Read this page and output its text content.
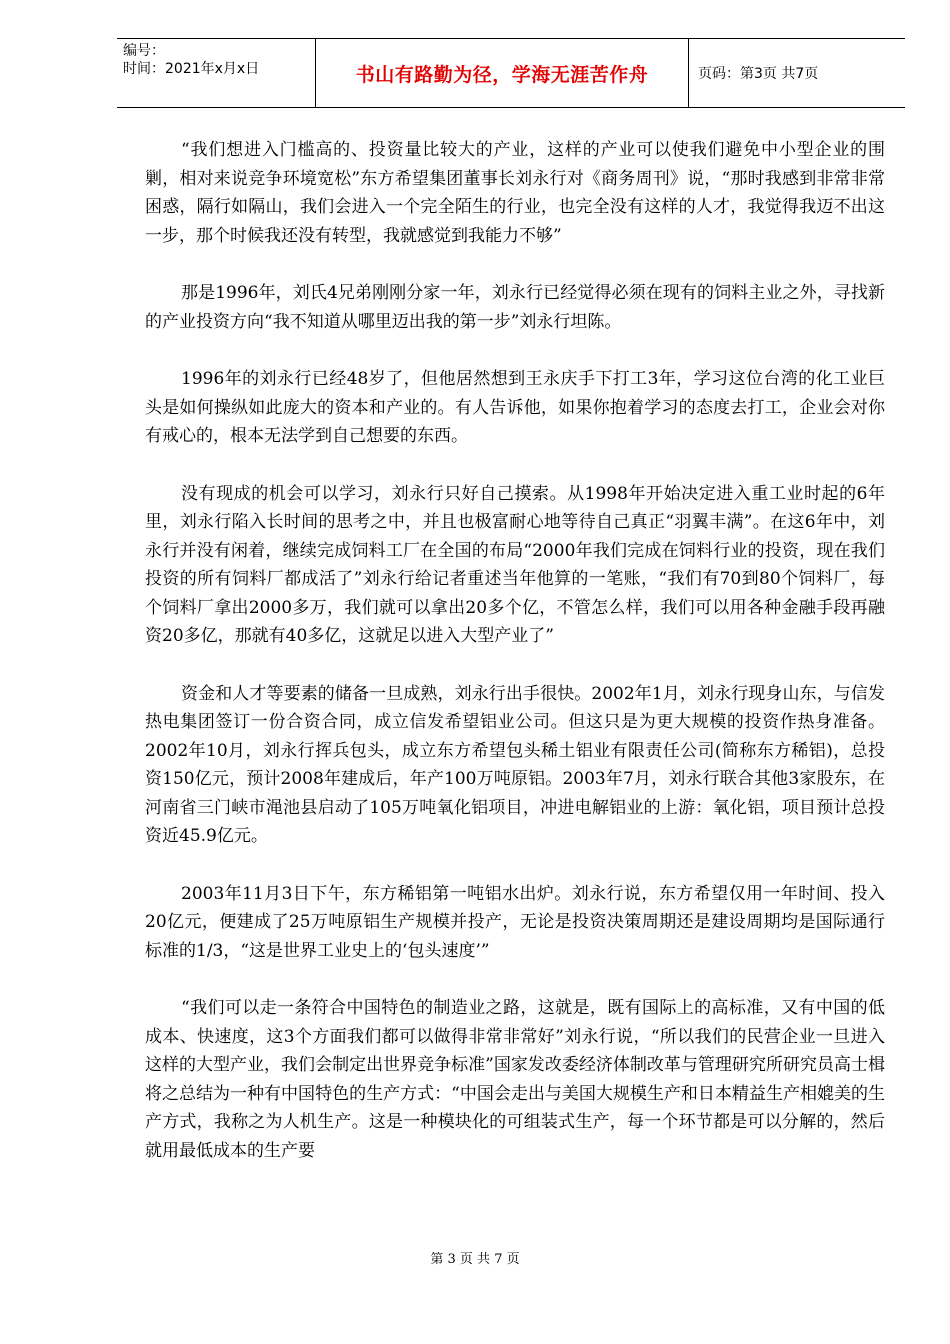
编号：
时间：2021年x月x日	书山有路勤为径，学海无涯苦作舟	页码：第3页 共7页

“我们想进入门槛高的、投资量比较大的产业，这样的产业可以使我们避免中小型企业的围剿，相对来说竞争环境宽松”东方希望集团董事长刘永行对《商务周刊》说，“那时我感到非常非常困惑，隔行如隔山，我们会进入一个完全陌生的行业，也完全没有这样的人才，我觉得我迈不出这一步，那个时候我还没有转型，我就感觉到我能力不够”

那是1996年，刘氏4兄弟刚刚分家一年，刘永行已经觉得必须在现有的饲料主业之外，寻找新的产业投资方向“我不知道从哪里迈出我的第一步”刘永行坦陈。

1996年的刘永行已经48岁了，但他居然想到王永庆手下打工3年，学习这位台湾的化工业巨头是如何操纵如此庞大的资本和产业的。有人告诉他，如果你抱着学习的态度去打工，企业会对你有戒心的，根本无法学到自己想要的东西。

没有现成的机会可以学习，刘永行只好自己摸索。从1998年开始决定进入重工业时起的6年里，刘永行陷入长时间的思考之中，并且也极富耐心地等待自己真正“羽翼丰满”。在这6年中，刘永行并没有闲着，继续完成饲料工厂在全国的布局“2000年我们完成在饲料行业的投资，现在我们投资的所有饲料厂都成活了”刘永行给记者重述当年他算的一笔账，“我们有70到80个饲料厂，每个饲料厂拿出2000多万，我们就可以拿出20多个亿，不管怎么样，我们可以用各种金融手段再融资20多亿，那就有40多亿，这就足以进入大型产业了”

资金和人才等要素的储备一旦成熟，刘永行出手很快。2002年1月，刘永行现身山东，与信发热电集团签订一份合资合同，成立信发希望铝业公司。但这只是为更大规模的投资作热身准备。2002年10月，刘永行挥兵包头，成立东方希望包头稀土铝业有限责任公司(简称东方稀铝)，总投资150亿元，预计2008年建成后，年产100万吨原铝。2003年7月，刘永行联合其他3家股东，在河南省三门峡市渑池县启动了105万吨氧化铝项目，冲进电解铝业的上游：氧化铝，项目预计总投资近45.9亿元。

2003年11月3日下午，东方稀铝第一吨铝水出炉。刘永行说，东方希望仅用一年时间、投入20亿元，便建成了25万吨原铝生产规模并投产，无论是投资决策周期还是建设周期均是国际通行标准的1/3，“这是世界工业史上的‘包头速度’”

“我们可以走一条符合中国特色的制造业之路，这就是，既有国际上的高标准，又有中国的低成本、快速度，这3个方面我们都可以做得非常非常好”刘永行说，“所以我们的民营企业一旦进入这样的大型产业，我们会制定出世界竞争标准”国家发改委经济体制改革与管理研究所研究员高士楫将之总结为一种有中国特色的生产方式：“中国会走出与美国大规模生产和日本精益生产相媲美的生产方式，我称之为人机生产。这是一种模块化的可组装式生产，每一个环节都是可以分解的，然后就用最低成本的生产要

第 3 页 共 7 页
